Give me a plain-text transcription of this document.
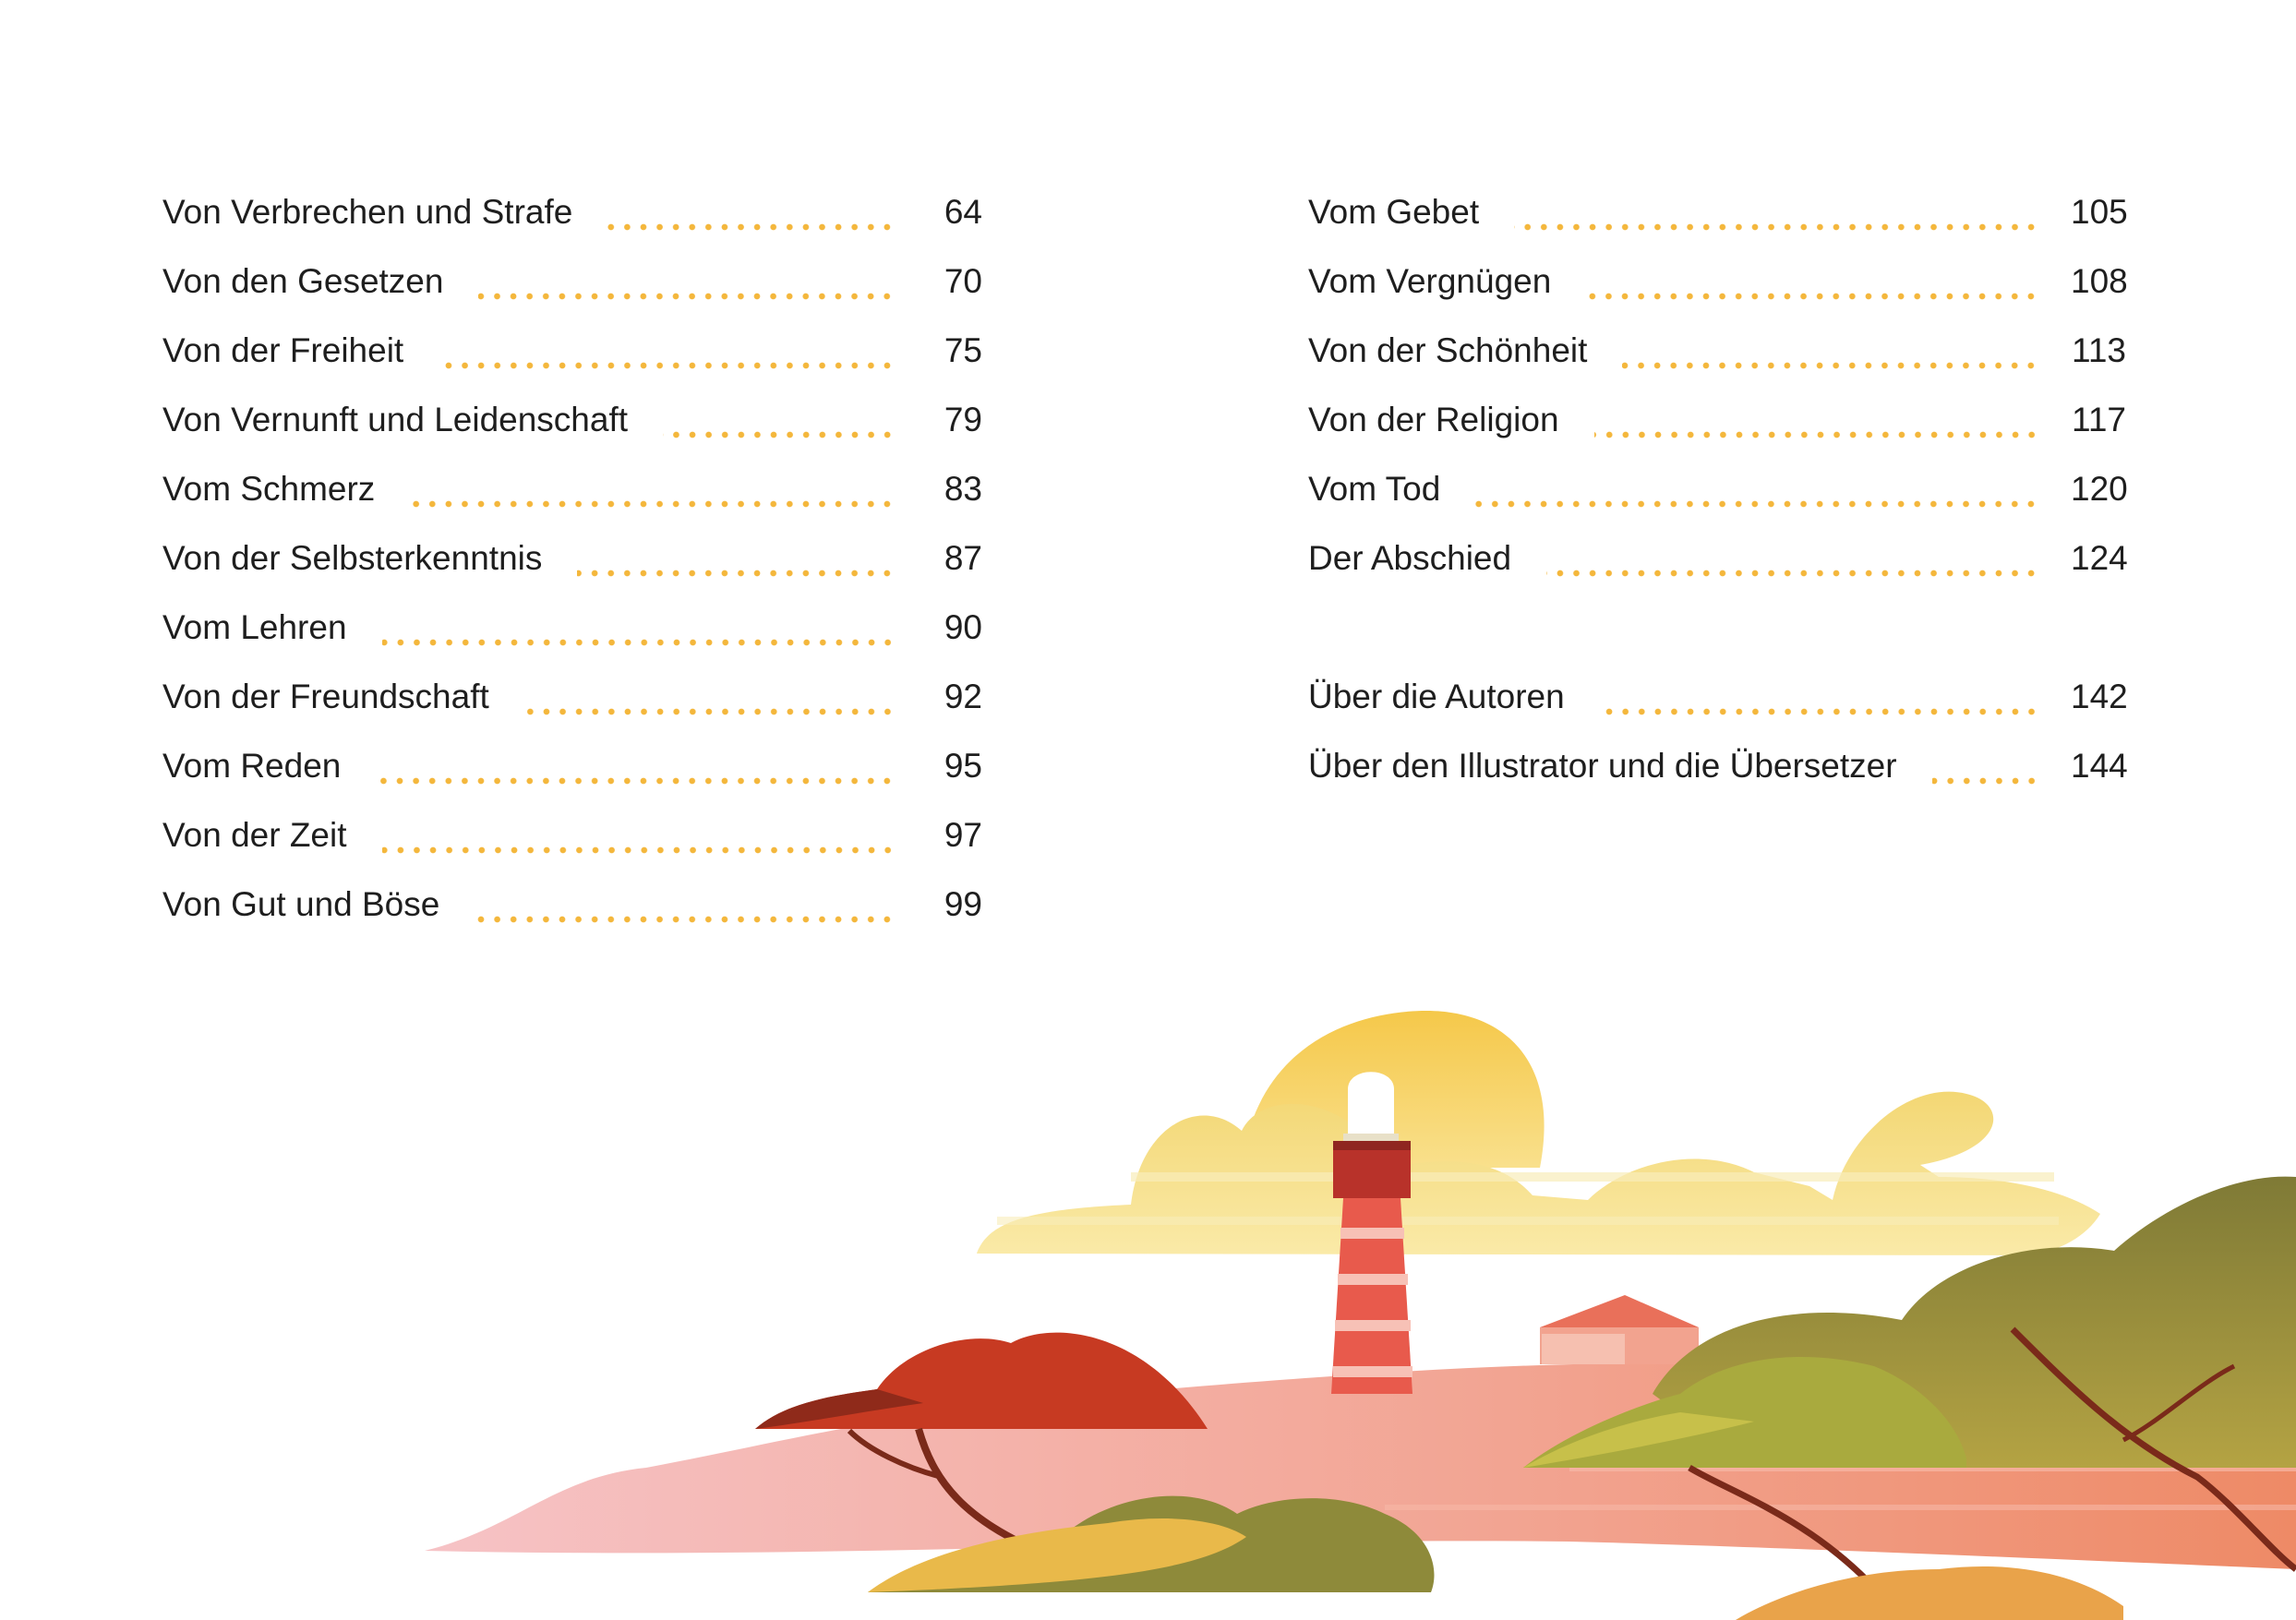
Von Verbrechen und Strafe	64
Von den Gesetzen	70
Von der Freiheit	75
Von Vernunft und Leidenschaft	79
Vom Schmerz	83
Von der Selbsterkenntnis	87
Vom Lehren	90
Von der Freundschaft	92
Vom Reden	95
Von der Zeit	97
Von Gut und Böse	99
Vom Gebet	105
Vom Vergnügen	108
Von der Schönheit	113
Von der Religion	117
Vom Tod	120
Der Abschied	124
Über die Autoren	142
Über den Illustrator und die Übersetzer	144
